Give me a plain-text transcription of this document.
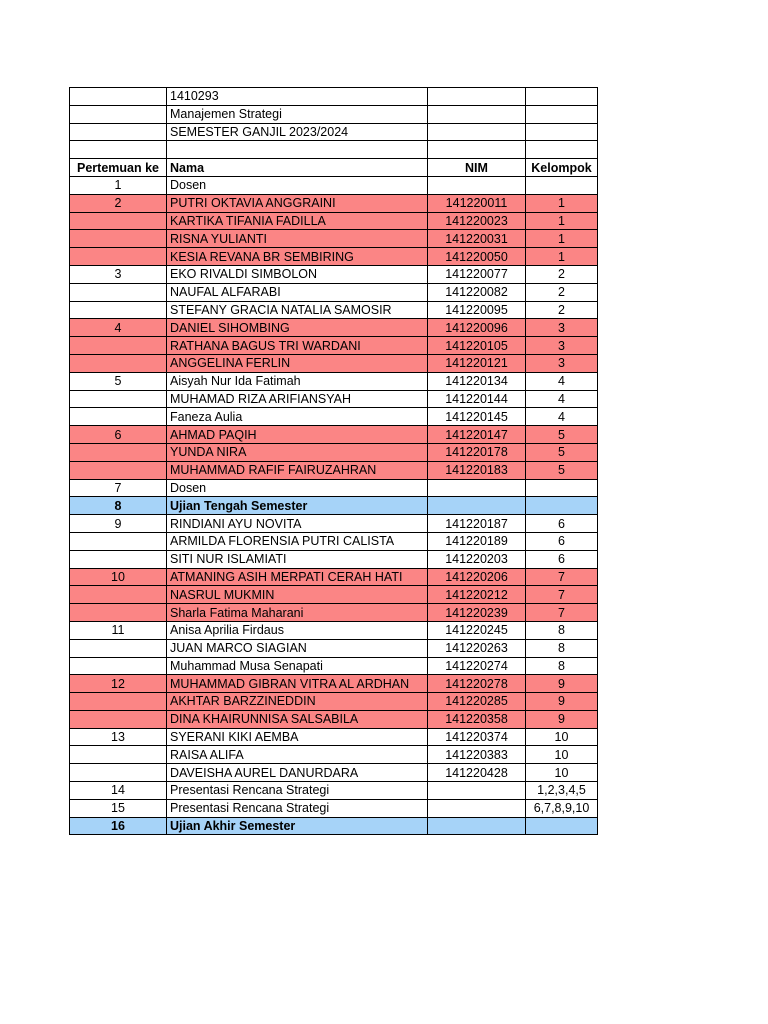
	1410293		
	Manajemen Strategi		
	SEMESTER GANJIL 2023/2024		

Pertemuan ke	Nama	NIM	Kelompok
1	Dosen		
2	PUTRI OKTAVIA ANGGRAINI	141220011	1
	KARTIKA TIFANIA FADILLA	141220023	1
	RISNA YULIANTI	141220031	1
	KESIA REVANA BR SEMBIRING	141220050	1
3	EKO RIVALDI SIMBOLON	141220077	2
	NAUFAL ALFARABI	141220082	2
	STEFANY GRACIA NATALIA SAMOSIR	141220095	2
4	DANIEL SIHOMBING	141220096	3
	RATHANA BAGUS TRI WARDANI	141220105	3
	ANGGELINA FERLIN	141220121	3
5	Aisyah Nur Ida Fatimah	141220134	4
	MUHAMAD RIZA ARIFIANSYAH	141220144	4
	Faneza Aulia	141220145	4
6	AHMAD PAQIH	141220147	5
	YUNDA NIRA	141220178	5
	MUHAMMAD RAFIF FAIRUZAHRAN	141220183	5
7	Dosen		
8	Ujian Tengah Semester		
9	RINDIANI AYU NOVITA	141220187	6
	ARMILDA FLORENSIA PUTRI CALISTA	141220189	6
	SITI NUR ISLAMIATI	141220203	6
10	ATMANING ASIH MERPATI CERAH HATI	141220206	7
	NASRUL MUKMIN	141220212	7
	Sharla Fatima Maharani	141220239	7
11	Anisa Aprilia Firdaus	141220245	8
	JUAN MARCO SIAGIAN	141220263	8
	Muhammad Musa Senapati	141220274	8
12	MUHAMMAD GIBRAN VITRA AL ARDHAN	141220278	9
	AKHTAR BARZZINEDDIN	141220285	9
	DINA KHAIRUNNISA SALSABILA	141220358	9
13	SYERANI KIKI AEMBA	141220374	10
	RAISA ALIFA	141220383	10
	DAVEISHA AUREL DANURDARA	141220428	10
14	Presentasi Rencana Strategi		1,2,3,4,5
15	Presentasi Rencana Strategi		6,7,8,9,10
16	Ujian Akhir Semester		
